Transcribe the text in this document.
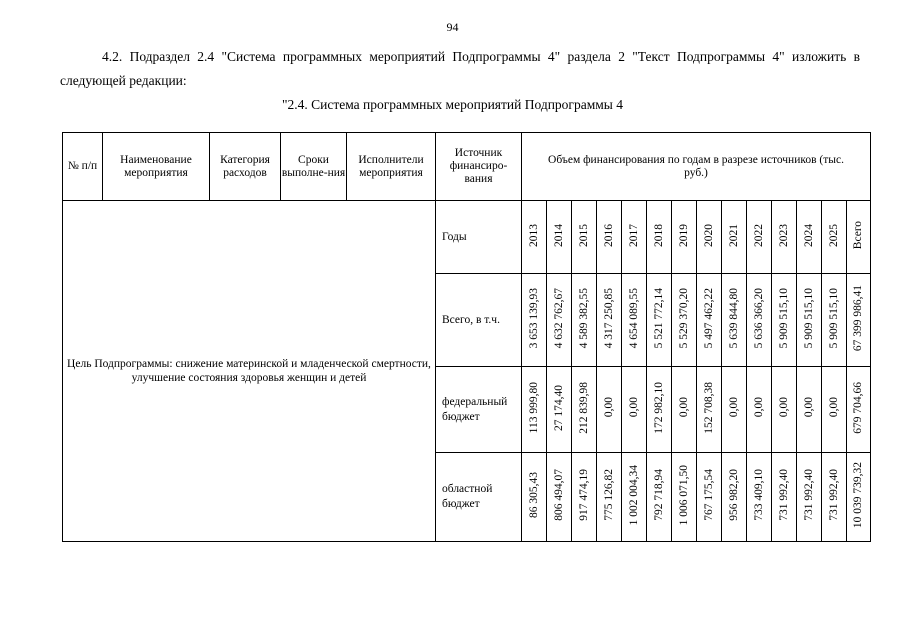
94
4.2. Подраздел 2.4 "Система программных мероприятий Подпрограммы 4" раздела 2 "Текст Подпрограммы 4" изложить в следующей редакции:
"2.4. Система программных мероприятий Подпрограммы 4
№ п/п	Наименование мероприятия	Категория расходов	Сроки выполне-ния	Исполнители мероприятия	Источник финансиро-вания	Объем финансирования по годам в разрезе источников (тыс. руб.)													

Цель Подпрограммы: снижение материнской и младенческой смертности, улучшение состояния здоровья женщин и детей					Годы	2013	2014	2015	2016	2017	2018	2019	2020	2021	2022	2023	2024	2025	Всего
					Всего, в т.ч.	3 653 139,93	4 632 762,67	4 589 382,55	4 317 250,85	4 654 089,55	5 521 772,14	5 529 370,20	5 497 462,22	5 639 844,80	5 636 366,20	5 909 515,10	5 909 515,10	5 909 515,10	67 399 986,41
					федеральный бюджет	113 999,80	27 174,40	212 839,98	0,00	0,00	172 982,10	0,00	152 708,38	0,00	0,00	0,00	0,00	0,00	679 704,66
					областной бюджет	86 305,43	806 494,07	917 474,19	775 126,82	1 002 004,34	792 718,94	1 006 071,50	767 175,54	956 982,20	733 409,10	731 992,40	731 992,40	731 992,40	10 039 739,32
